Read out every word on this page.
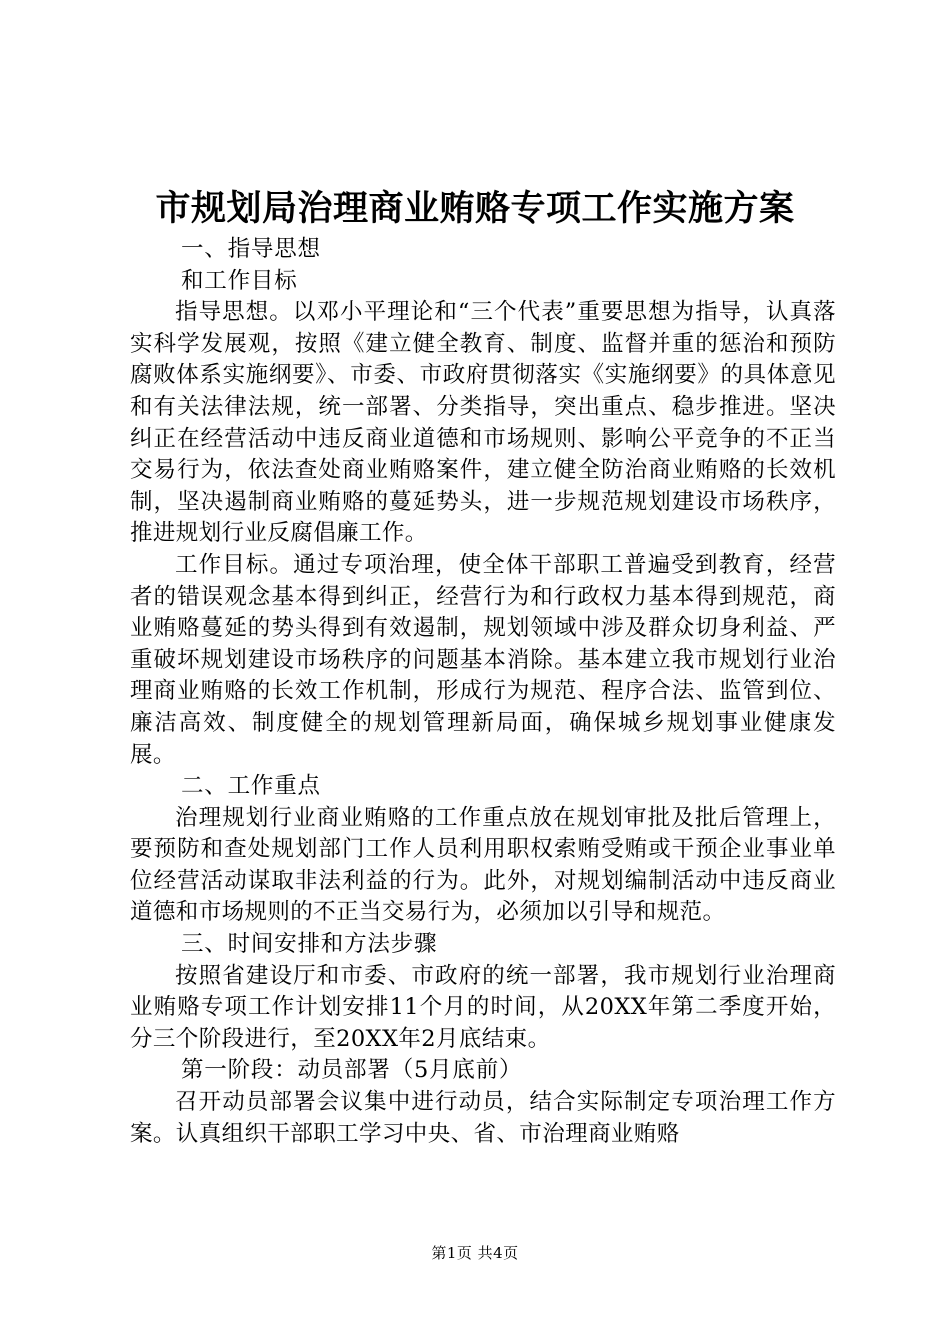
市规划局治理商业贿赂专项工作实施方案
一、指导思想
和工作目标

指导思想。以邓小平理论和“三个代表”重要思想为指导，认真落实科学发展观，按照《建立健全教育、制度、监督并重的惩治和预防腐败体系实施纲要》、市委、市政府贯彻落实《实施纲要》的具体意见和有关法律法规，统一部署、分类指导，突出重点、稳步推进。坚决纠正在经营活动中违反商业道德和市场规则、影响公平竞争的不正当交易行为，依法查处商业贿赂案件，建立健全防治商业贿赂的长效机制，坚决遏制商业贿赂的蔓延势头，进一步规范规划建设市场秩序，推进规划行业反腐倡廉工作。

工作目标。通过专项治理，使全体干部职工普遍受到教育，经营者的错误观念基本得到纠正，经营行为和行政权力基本得到规范，商业贿赂蔓延的势头得到有效遏制，规划领域中涉及群众切身利益、严重破坏规划建设市场秩序的问题基本消除。基本建立我市规划行业治理商业贿赂的长效工作机制，形成行为规范、程序合法、监管到位、廉洁高效、制度健全的规划管理新局面，确保城乡规划事业健康发展。

二、工作重点

治理规划行业商业贿赂的工作重点放在规划审批及批后管理上，要预防和查处规划部门工作人员利用职权索贿受贿或干预企业事业单位经营活动谋取非法利益的行为。此外，对规划编制活动中违反商业道德和市场规则的不正当交易行为，必须加以引导和规范。

三、时间安排和方法步骤

按照省建设厅和市委、市政府的统一部署，我市规划行业治理商业贿赂专项工作计划安排11个月的时间，从20XX年第二季度开始，分三个阶段进行，至20XX年2月底结束。

第一阶段：动员部署（5月底前）

召开动员部署会议集中进行动员，结合实际制定专项治理工作方案。认真组织干部职工学习中央、省、市治理商业贿赂

第1页 共4页
